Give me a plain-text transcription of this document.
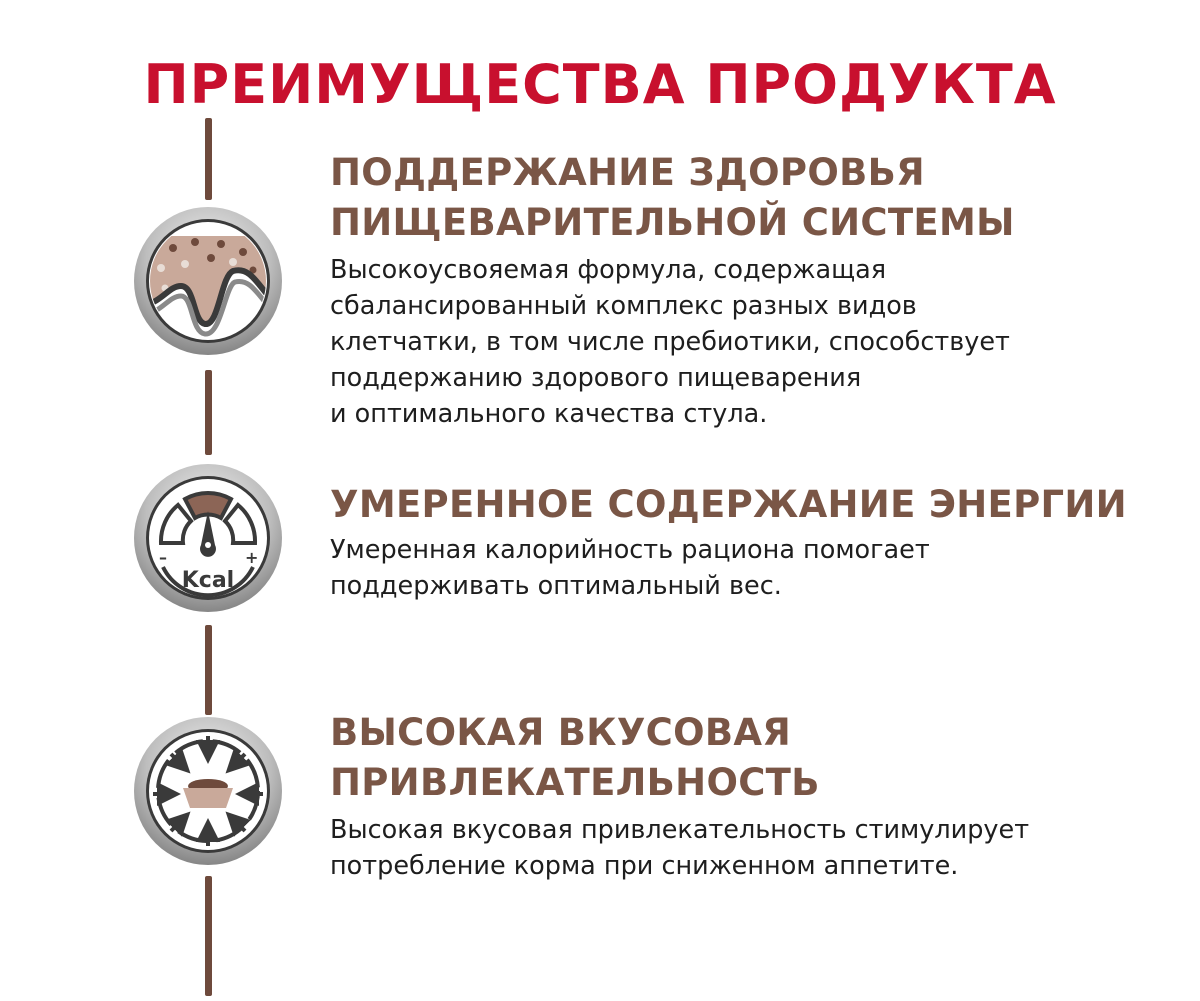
ПРЕИМУЩЕСТВА ПРОДУКТА
–	+
Kcal
ПОДДЕРЖАНИЕ ЗДОРОВЬЯ
ПИЩЕВАРИТЕЛЬНОЙ СИСТЕМЫ

Высокоусвояемая формула, содержащая
сбалансированный комплекс разных видов
клетчатки, в том числе пребиотики, способствует
поддержанию здорового пищеварения
и оптимального качества стула.

УМЕРЕННОЕ СОДЕРЖАНИЕ ЭНЕРГИИ

Умеренная калорийность рациона помогает
поддерживать оптимальный вес.

ВЫСОКАЯ ВКУСОВАЯ
ПРИВЛЕКАТЕЛЬНОСТЬ

Высокая вкусовая привлекательность стимулирует
потребление корма при сниженном аппетите.
